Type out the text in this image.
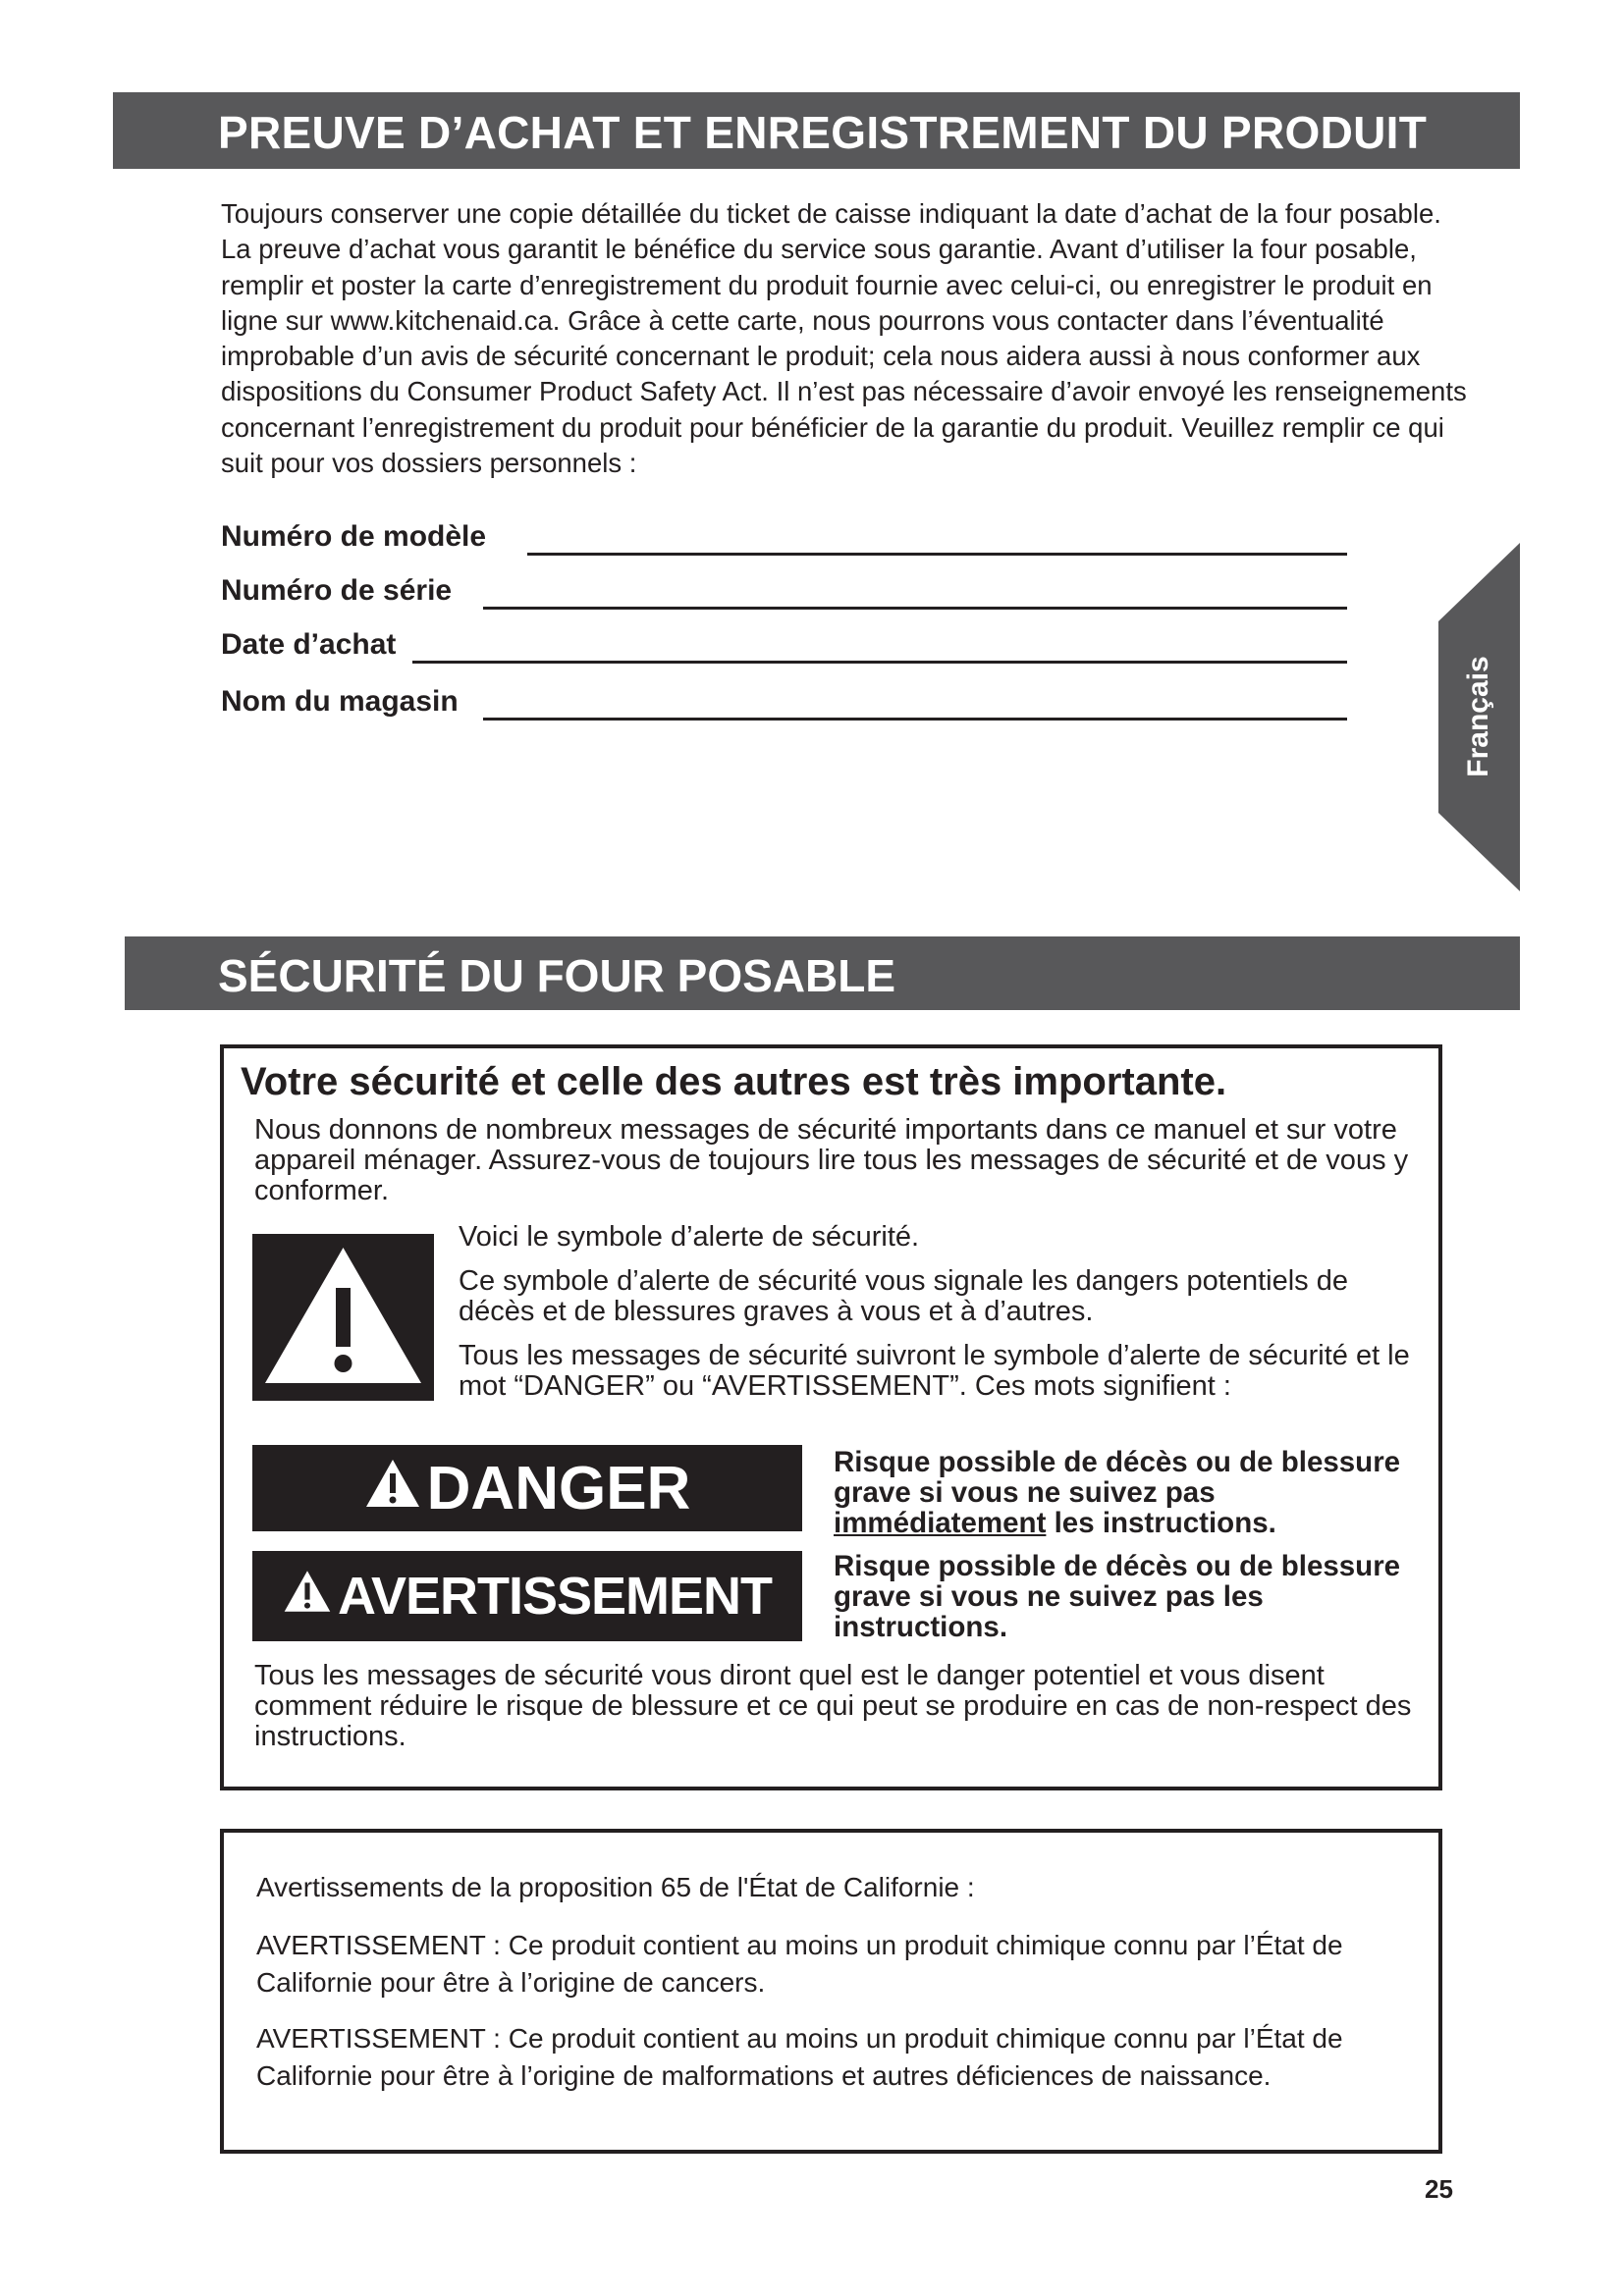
PREUVE D’ACHAT ET ENREGISTREMENT DU PRODUIT
Toujours conserver une copie détaillée du ticket de caisse indiquant la date d’achat de la four posable. La preuve d’achat vous garantit le bénéfice du service sous garantie. Avant d’utiliser la four posable, remplir et poster la carte d’enregistrement du produit fournie avec celui-ci, ou enregistrer le produit en ligne sur www.kitchenaid.ca. Grâce à cette carte, nous pourrons vous contacter dans l’éventualité improbable d’un avis de sécurité concernant le produit; cela nous aidera aussi à nous conformer aux dispositions du Consumer Product Safety Act. Il n’est pas nécessaire d’avoir envoyé les renseignements concernant l’enregistrement du produit pour bénéficier de la garantie du produit. Veuillez remplir ce qui suit pour vos dossiers personnels :
Numéro de modèle
Numéro de série
Date d’achat
Nom du magasin	Français
SÉCURITÉ DU FOUR POSABLE
Votre sécurité et celle des autres est très importante.
Nous donnons de nombreux messages de sécurité importants dans ce manuel et sur votre appareil ménager. Assurez-vous de toujours lire tous les messages de sécurité et de vous y conformer.
Voici le symbole d’alerte de sécurité.
Ce symbole d’alerte de sécurité vous signale les dangers potentiels de décès et de blessures graves à vous et à d’autres.
Tous les messages de sécurité suivront le symbole d’alerte de sécurité et le mot “DANGER” ou “AVERTISSEMENT”. Ces mots signifient :
DANGER	Risque possible de décès ou de blessure grave si vous ne suivez pas immédiatement les instructions.
AVERTISSEMENT
Risque possible de décès ou de blessure grave si vous ne suivez pas les instructions.
Tous les messages de sécurité vous diront quel est le danger potentiel et vous disent comment réduire le risque de blessure et ce qui peut se produire en cas de non-respect des instructions.
Avertissements de la proposition 65 de l'État de Californie :
AVERTISSEMENT : Ce produit contient au moins un produit chimique connu par l’État de Californie pour être à l’origine de cancers.
AVERTISSEMENT : Ce produit contient au moins un produit chimique connu par l’État de Californie pour être à l’origine de malformations et autres déficiences de naissance.
25
